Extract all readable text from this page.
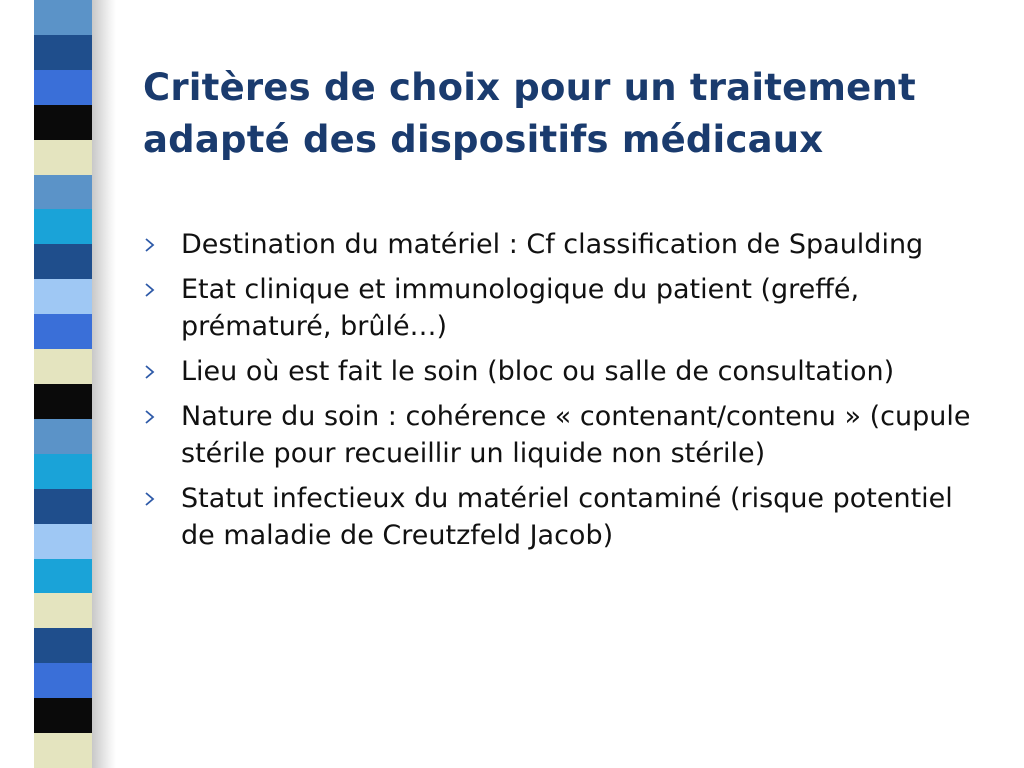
Critères de choix pour un traitement adapté des dispositifs médicaux
Destination du matériel : Cf classification de Spaulding
Etat clinique et immunologique du patient (greffé, prématuré, brûlé…)
Lieu où est fait le soin (bloc ou salle de consultation)
Nature du soin : cohérence « contenant/contenu » (cupule stérile pour recueillir un liquide non stérile)
Statut infectieux du matériel contaminé (risque potentiel de maladie de Creutzfeld Jacob)
